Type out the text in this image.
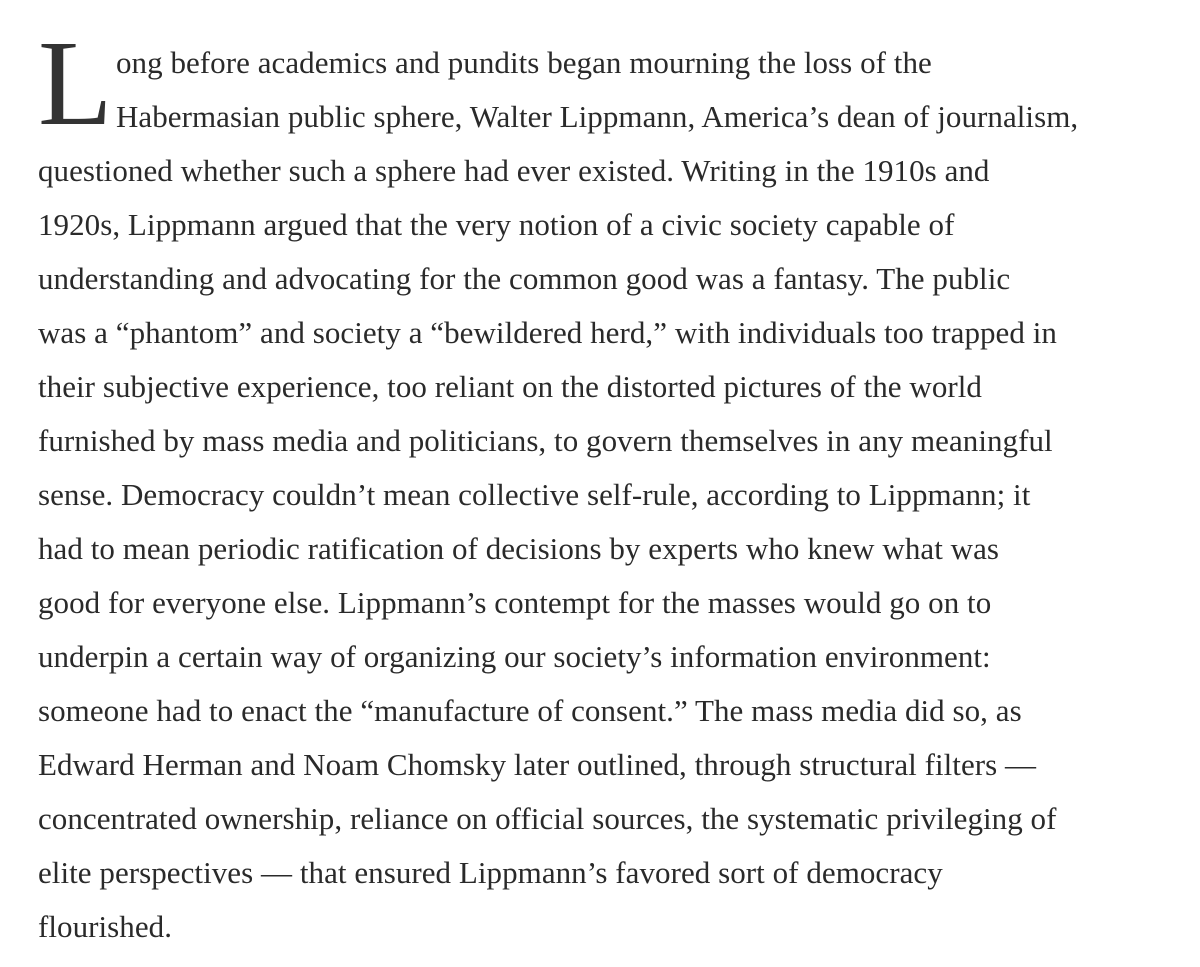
L ong before academics and pundits began mourning the loss of the
Habermasian public sphere, Walter Lippmann, America’s dean of journalism,
questioned whether such a sphere had ever existed. Writing in the 1910s and
1920s, Lippmann argued that the very notion of a civic society capable of
understanding and advocating for the common good was a fantasy. The public
was a “phantom” and society a “bewildered herd,” with individuals too trapped in
their subjective experience, too reliant on the distorted pictures of the world
furnished by mass media and politicians, to govern themselves in any meaningful
sense. Democracy couldn’t mean collective self-rule, according to Lippmann; it
had to mean periodic ratification of decisions by experts who knew what was
good for everyone else. Lippmann’s contempt for the masses would go on to
underpin a certain way of organizing our society’s information environment:
someone had to enact the “manufacture of consent.” The mass media did so, as
Edward Herman and Noam Chomsky later outlined, through structural filters —
concentrated ownership, reliance on official sources, the systematic privileging of
elite perspectives — that ensured Lippmann’s favored sort of democracy
flourished.
